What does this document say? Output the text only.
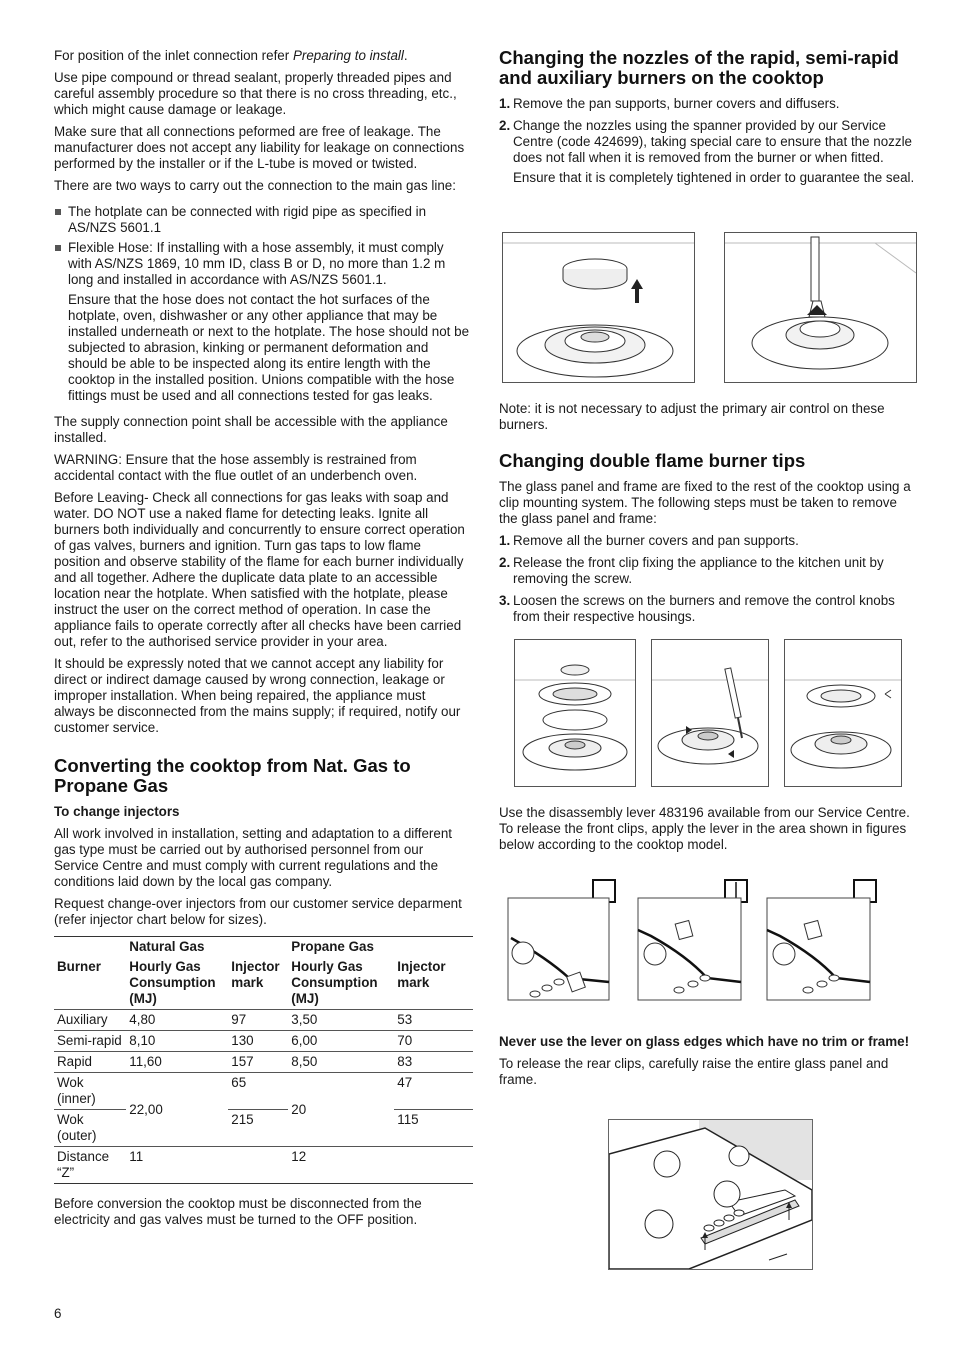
For position of the inlet connection refer Preparing to install.

Use pipe compound or thread sealant, properly threaded pipes and careful assembly procedure so that there is no cross threading, etc., which might cause damage or leakage.

Make sure that all connections peformed are free of leakage. The manufacturer does not accept any liability for leakage on connections performed by the installer or if the L-tube is moved or twisted.

There are two ways to carry out the connection to the main gas line:

The hotplate can be connected with rigid pipe as specified in AS/NZS 5601.1
Flexible Hose: If installing with a hose assembly, it must comply with AS/NZS 1869, 10 mm ID, class B or D, no more than 1.2 m long and installed in accordance with AS/NZS 5601.1.

Ensure that the hose does not contact the hot surfaces of the hotplate, oven, dishwasher or any other appliance that may be installed underneath or next to the hotplate. The hose should not be subjected to abrasion, kinking or permanent deformation and should be able to be inspected along its entire length with the cooktop in the installed position. Unions compatible with the hose fittings must be used and all connections tested for gas leaks.

The supply connection point shall be accessible with the appliance installed.

WARNING: Ensure that the hose assembly is restrained from accidental contact with the flue outlet of an underbench oven.

Before Leaving- Check all connections for gas leaks with soap and water. DO NOT use a naked flame for detecting leaks. Ignite all burners both individually and concurrently to ensure correct operation of gas valves, burners and ignition. Turn gas taps to low flame position and observe stability of the flame for each burner individually and all together. Adhere the duplicate data plate to an accessible location near the hotplate. When satisfied with the hotplate, please instruct the user on the correct method of operation. In case the appliance fails to operate correctly after all checks have been carried out, refer to the authorised service provider in your area.

It should be expressly noted that we cannot accept any liability for direct or indirect damage caused by wrong connection, leakage or improper installation. When being repaired, the appliance must always be disconnected from the mains supply; if required, notify our customer service.

Converting the cooktop from Nat. Gas to Propane Gas
To change injectors

All work involved in installation, setting and adaptation to a different gas type must be carried out by authorised personnel from our Service Centre and must comply with current regulations and the conditions laid down by the local gas company.

Request change-over injectors from our customer service deparment (refer injector chart below for sizes).

	Natural Gas		Propane Gas	
Burner	Hourly Gas Consumption (MJ)	Injector mark	Hourly Gas Consumption (MJ)	Injector mark
Auxiliary	4,80	97	3,50	53
Semi-rapid	8,10	130	6,00	70
Rapid	11,60	157	8,50	83
Wok (inner)	22,00	65	20	47
Wok (outer)		215		115
Distance “Z”	11		12	

Before conversion the cooktop must be disconnected from the electricity and gas valves must be turned to the OFF position.

Changing the nozzles of the rapid, semi-rapid and auxiliary burners on the cooktop
1. Remove the pan supports, burner covers and diffusers.
2. Change the nozzles using the spanner provided by our Service Centre (code 424699), taking special care to ensure that the nozzle does not fall when it is removed from the burner or when fitted.

Ensure that it is completely tightened in order to guarantee the seal.

Note: it is not necessary to adjust the primary air control on these burners.

Changing double flame burner tips

The glass panel and frame are fixed to the rest of the cooktop using a clip mounting system. The following steps must be taken to remove the glass panel and frame:

1. Remove all the burner covers and pan supports.
2. Release the front clip fixing the appliance to the kitchen unit by removing the screw.
3. Loosen the screws on the burners and remove the control knobs from their respective housings.

Use the disassembly lever 483196 available from our Service Centre. To release the front clips, apply the lever in the area shown in figures below according to the cooktop model.

Never use the lever on glass edges which have no trim or frame!

To release the rear clips, carefully raise the entire glass panel and frame.

6
